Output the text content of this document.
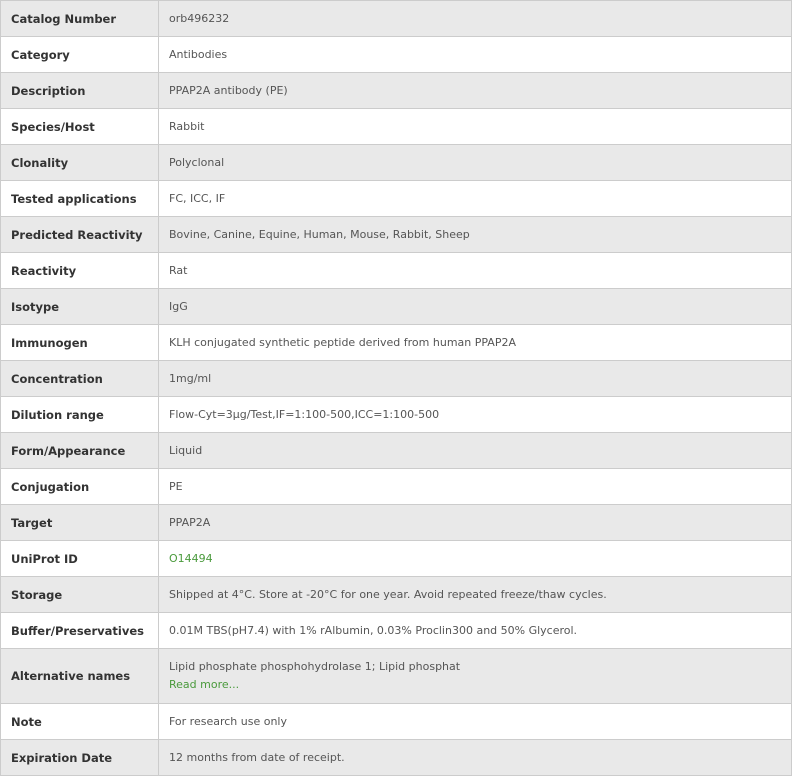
Catalog Number	orb496232
Category	Antibodies
Description	PPAP2A antibody (PE)
Species/Host	Rabbit
Clonality	Polyclonal
Tested applications	FC, ICC, IF
Predicted Reactivity	Bovine, Canine, Equine, Human, Mouse, Rabbit, Sheep
Reactivity	Rat
Isotype	IgG
Immunogen	KLH conjugated synthetic peptide derived from human PPAP2A
Concentration	1mg/ml
Dilution range	Flow-Cyt=3μg/Test,IF=1:100-500,ICC=1:100-500
Form/Appearance	Liquid
Conjugation	PE
Target	PPAP2A
UniProt ID	O14494
Storage	Shipped at 4°C. Store at -20°C for one year. Avoid repeated freeze/thaw cycles.
Buffer/Preservatives	0.01M TBS(pH7.4) with 1% rAlbumin, 0.03% Proclin300 and 50% Glycerol.
Alternative names	Lipid phosphate phosphohydrolase 1; Lipid phosphat
Read more...

Note	For research use only
Expiration Date	12 months from date of receipt.
